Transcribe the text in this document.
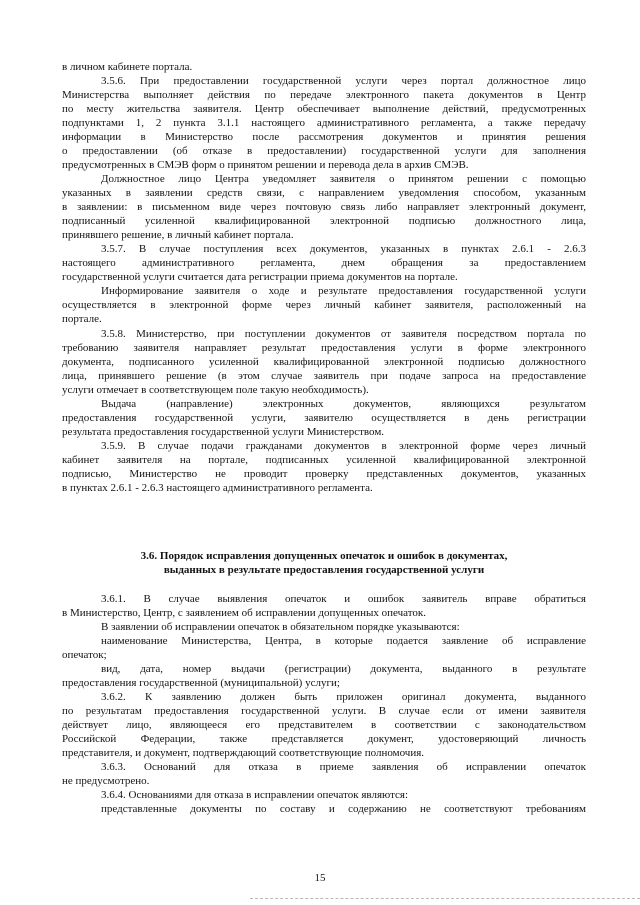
в личном кабинете портала.
3.5.6. При предоставлении государственной услуги через портал должностное лицо
Министерства выполняет действия по передаче электронного пакета документов в Центр
по месту жительства заявителя. Центр обеспечивает выполнение действий, предусмотренных
подпунктами 1, 2 пункта 3.1.1 настоящего административного регламента, а также передачу
информации в Министерство после рассмотрения документов и принятия решения
о предоставлении (об отказе в предоставлении) государственной услуги для заполнения
предусмотренных в СМЭВ форм о принятом решении и перевода дела в архив СМЭВ.
Должностное лицо Центра уведомляет заявителя о принятом решении с помощью
указанных в заявлении средств связи, с направлением уведомления способом, указанным
в заявлении: в письменном виде через почтовую связь либо направляет электронный документ,
подписанный усиленной квалифицированной электронной подписью должностного лица,
принявшего решение, в личный кабинет портала.
3.5.7. В случае поступления всех документов, указанных в пунктах 2.6.1 - 2.6.3
настоящего административного регламента, днем обращения за предоставлением
государственной услуги считается дата регистрации приема документов на портале.
Информирование заявителя о ходе и результате предоставления государственной услуги
осуществляется в электронной форме через личный кабинет заявителя, расположенный на
портале.
3.5.8. Министерство, при поступлении документов от заявителя посредством портала по
требованию заявителя направляет результат предоставления услуги в форме электронного
документа, подписанного усиленной квалифицированной электронной подписью должностного
лица, принявшего решение (в этом случае заявитель при подаче запроса на предоставление
услуги отмечает в соответствующем поле такую необходимость).
Выдача (направление) электронных документов, являющихся результатом
предоставления государственной услуги, заявителю осуществляется в день регистрации
результата предоставления государственной услуги Министерством.
3.5.9. В случае подачи гражданами документов в электронной форме через личный
кабинет заявителя на портале, подписанных усиленной квалифицированной электронной
подписью, Министерство не проводит проверку представленных документов, указанных
в пунктах 2.6.1 - 2.6.3 настоящего административного регламента.
3.6. Порядок исправления допущенных опечаток и ошибок в документах,
выданных в результате предоставления государственной услуги
3.6.1. В случае выявления опечаток и ошибок заявитель вправе обратиться
в Министерство, Центр, с заявлением об исправлении допущенных опечаток.
В заявлении об исправлении опечаток в обязательном порядке указываются:
наименование Министерства, Центра, в которые подается заявление об исправление
опечаток;
вид, дата, номер выдачи (регистрации) документа, выданного в результате
предоставления государственной (муниципальной) услуги;
3.6.2. К заявлению должен быть приложен оригинал документа, выданного
по результатам предоставления государственной услуги. В случае если от имени заявителя
действует лицо, являющееся его представителем в соответствии с законодательством
Российской Федерации, также представляется документ, удостоверяющий личность
представителя, и документ, подтверждающий соответствующие полномочия.
3.6.3. Оснований для отказа в приеме заявления об исправлении опечаток
не предусмотрено.
3.6.4. Основаниями для отказа в исправлении опечаток являются:
представленные документы по составу и содержанию не соответствуют требованиям
15
